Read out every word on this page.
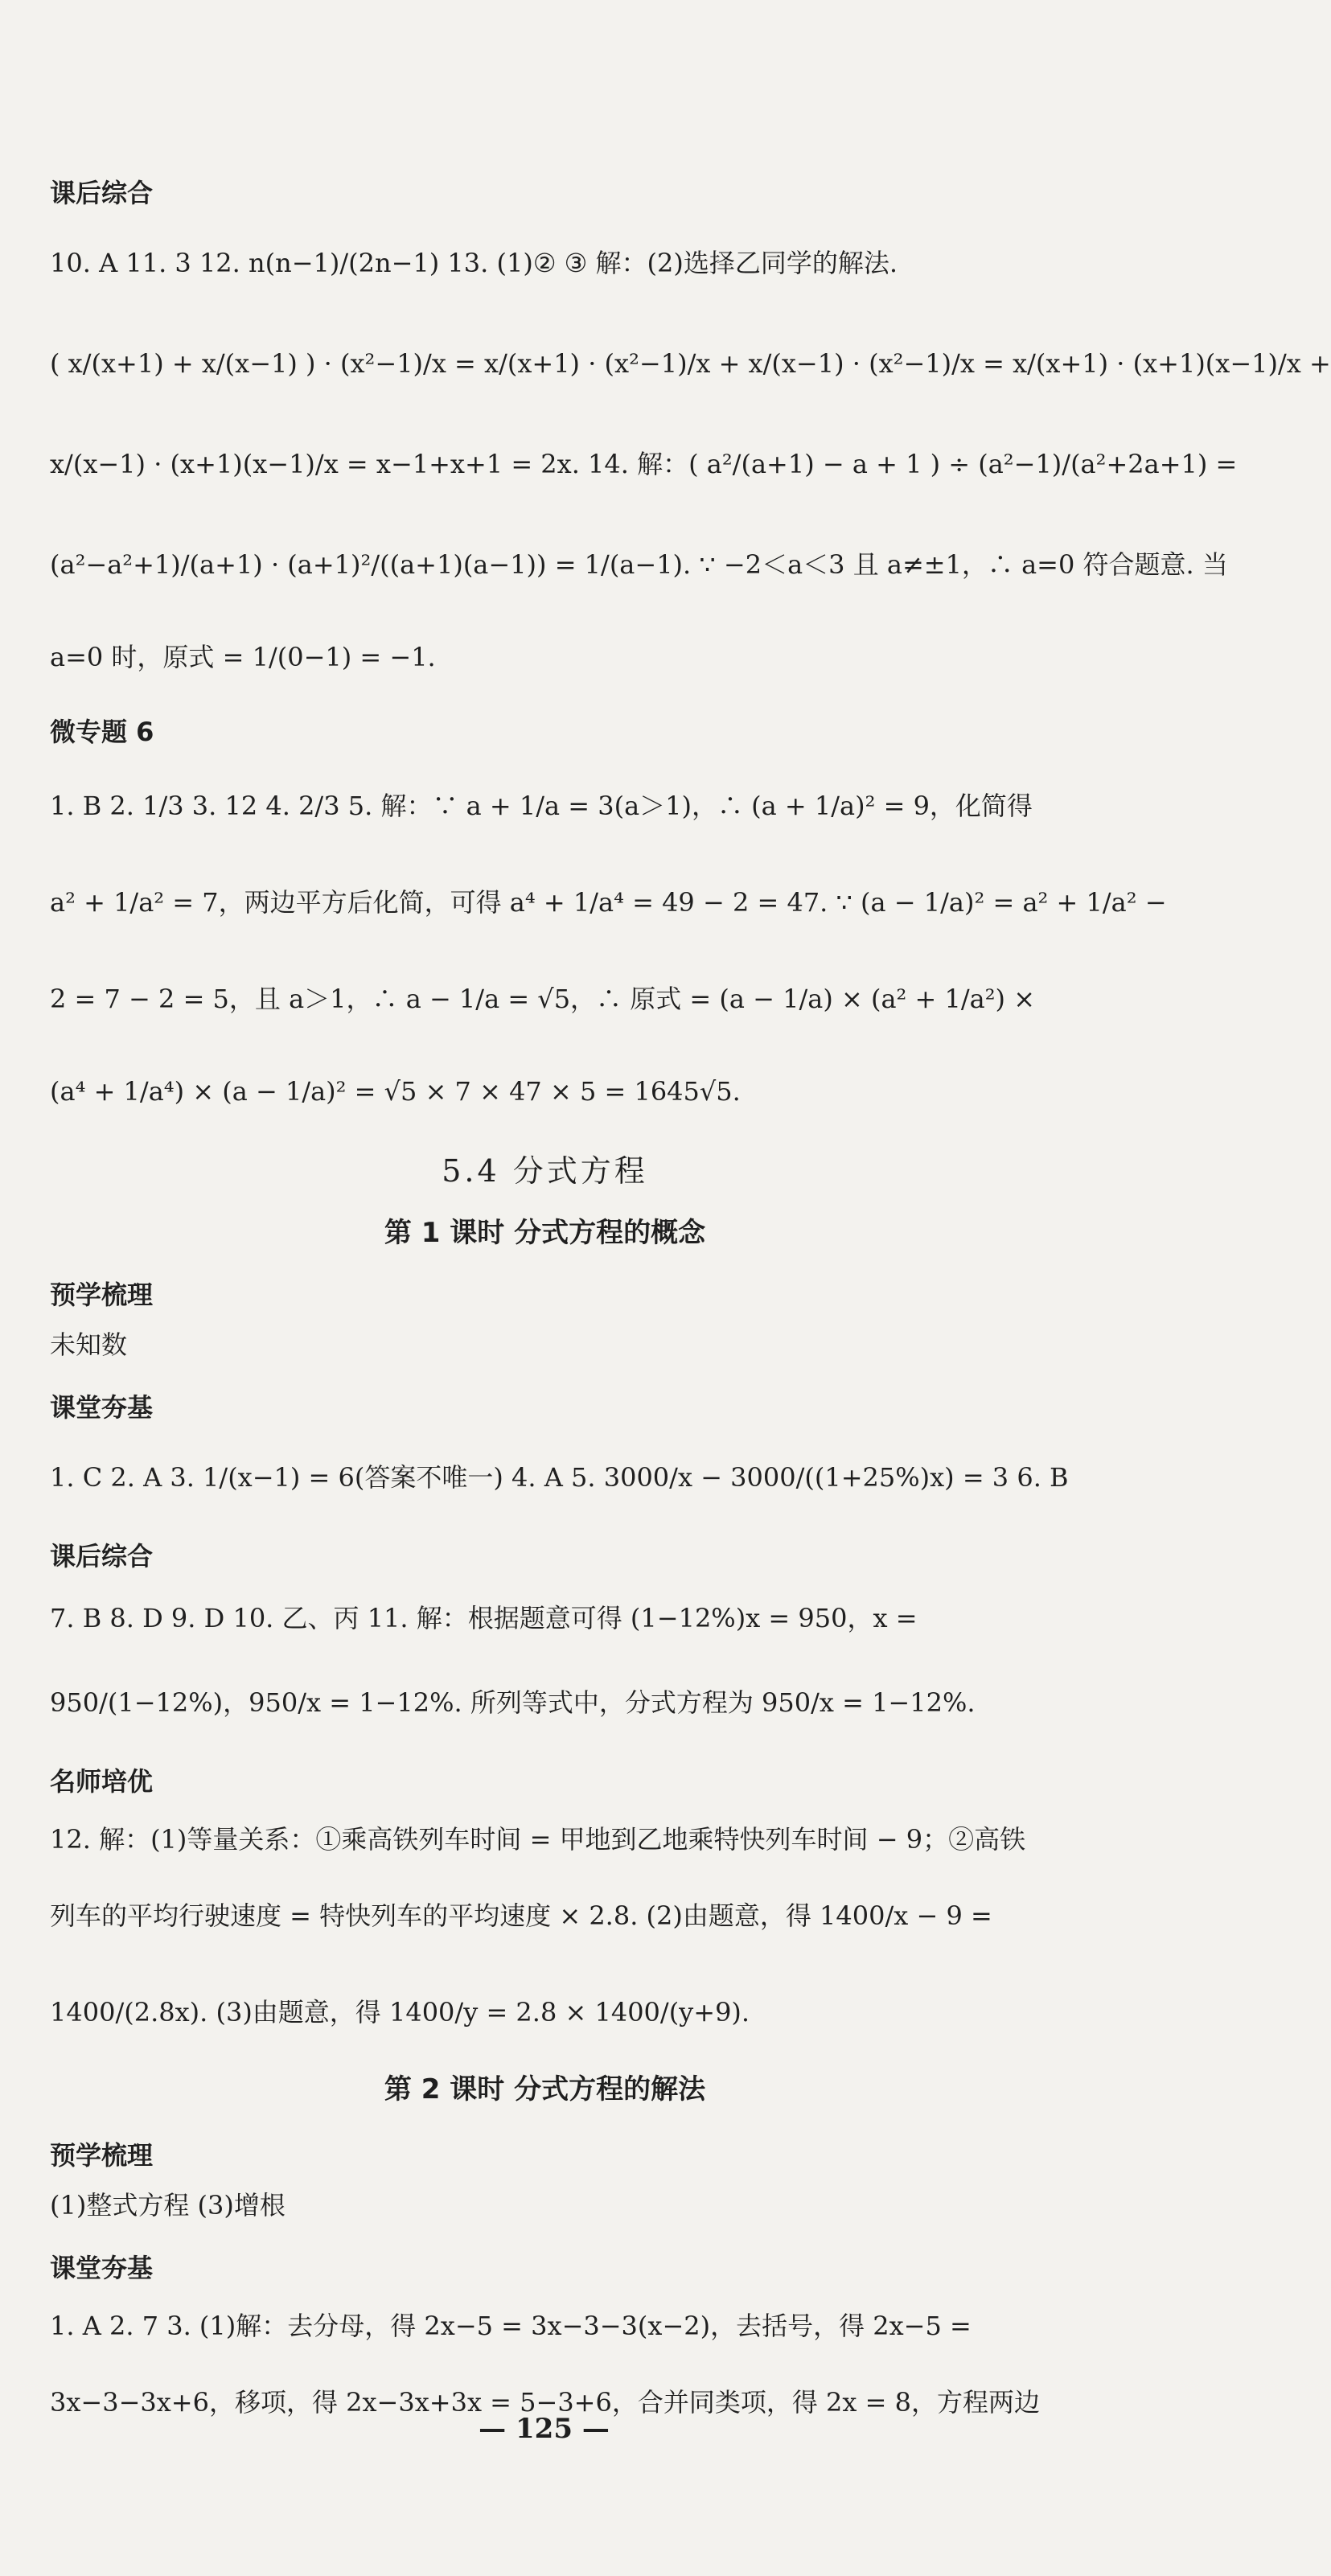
课后综合
10. A 11. 3 12. n(n−1)/(2n−1) 13. (1)② ③ 解：(2)选择乙同学的解法.
( x/(x+1) + x/(x−1) ) · (x²−1)/x = x/(x+1) · (x²−1)/x + x/(x−1) · (x²−1)/x = x/(x+1) · (x+1)(x−1)/x +
x/(x−1) · (x+1)(x−1)/x = x−1+x+1 = 2x. 14. 解：( a²/(a+1) − a + 1 ) ÷ (a²−1)/(a²+2a+1) =
(a²−a²+1)/(a+1) · (a+1)²/((a+1)(a−1)) = 1/(a−1). ∵ −2＜a＜3 且 a≠±1，∴ a=0 符合题意. 当
a=0 时，原式 = 1/(0−1) = −1.
微专题 6
1. B 2. 1/3 3. 12 4. 2/3 5. 解：∵ a + 1/a = 3(a＞1)，∴ (a + 1/a)² = 9，化简得
a² + 1/a² = 7，两边平方后化简，可得 a⁴ + 1/a⁴ = 49 − 2 = 47. ∵ (a − 1/a)² = a² + 1/a² −
2 = 7 − 2 = 5，且 a＞1，∴ a − 1/a = √5，∴ 原式 = (a − 1/a) × (a² + 1/a²) ×
(a⁴ + 1/a⁴) × (a − 1/a)² = √5 × 7 × 47 × 5 = 1645√5.
5.4 分式方程
第 1 课时 分式方程的概念
预学梳理
未知数
课堂夯基
1. C 2. A 3. 1/(x−1) = 6(答案不唯一) 4. A 5. 3000/x − 3000/((1+25%)x) = 3 6. B
课后综合
7. B 8. D 9. D 10. 乙、丙 11. 解：根据题意可得 (1−12%)x = 950，x =
950/(1−12%)，950/x = 1−12%. 所列等式中，分式方程为 950/x = 1−12%.
名师培优
12. 解：(1)等量关系：①乘高铁列车时间 = 甲地到乙地乘特快列车时间 − 9；②高铁
列车的平均行驶速度 = 特快列车的平均速度 × 2.8. (2)由题意，得 1400/x − 9 =
1400/(2.8x). (3)由题意，得 1400/y = 2.8 × 1400/(y+9).
第 2 课时 分式方程的解法
预学梳理
(1)整式方程 (3)增根
课堂夯基
1. A 2. 7 3. (1)解：去分母，得 2x−5 = 3x−3−3(x−2)，去括号，得 2x−5 =
3x−3−3x+6，移项，得 2x−3x+3x = 5−3+6，合并同类项，得 2x = 8，方程两边
— 125 —
